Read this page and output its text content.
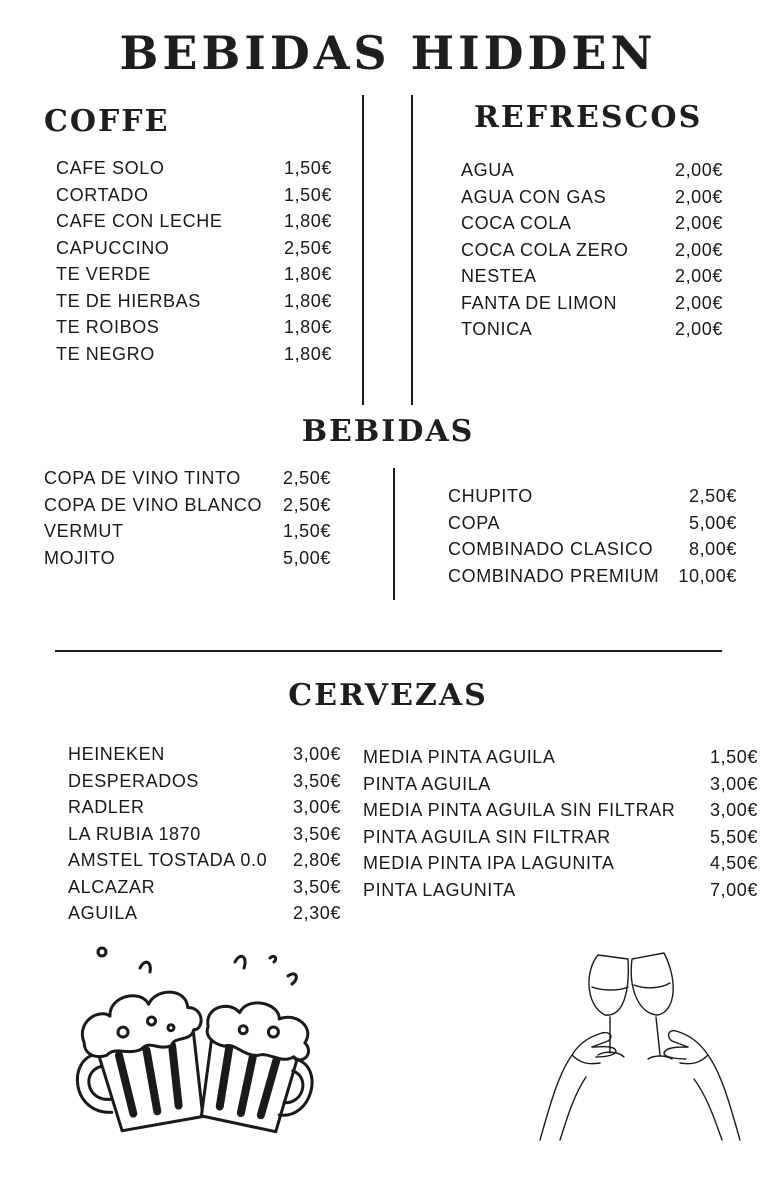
BEBIDAS HIDDEN
COFFE
CAFE SOLO	1,50€
CORTADO	1,50€
CAFE CON LECHE	1,80€
CAPUCCINO	2,50€
TE VERDE	1,80€
TE DE HIERBAS	1,80€
TE ROIBOS	1,80€
TE NEGRO	1,80€
REFRESCOS
AGUA	2,00€
AGUA CON GAS	2,00€
COCA COLA	2,00€
COCA COLA ZERO	2,00€
NESTEA	2,00€
FANTA DE LIMON	2,00€
TONICA	2,00€
BEBIDAS
COPA DE VINO TINTO 2,50€
COPA DE VINO BLANCO 2,50€
VERMUT	1,50€
MOJITO	5,00€
CHUPITO	2,50€
COPA	5,00€
COMBINADO CLASICO 8,00€
COMBINADO PREMIUM 10,00€
CERVEZAS
HEINEKEN	3,00€
DESPERADOS	3,50€
RADLER	3,00€
LA RUBIA 1870	3,50€
AMSTEL TOSTADA 0.0 2,80€
ALCAZAR	3,50€
AGUILA	2,30€
MEDIA PINTA AGUILA	1,50€
PINTA AGUILA	3,00€
MEDIA PINTA AGUILA SIN FILTRAR 3,00€
PINTA AGUILA SIN FILTRAR	5,50€
MEDIA PINTA IPA LAGUNITA	4,50€
PINTA LAGUNITA	7,00€
